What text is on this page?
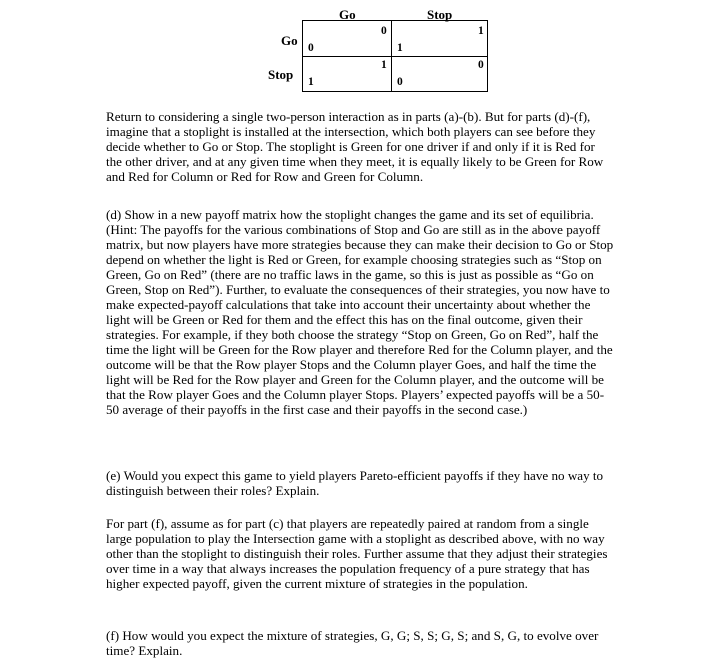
Go	Stop
Go
Stop
0
0
1
1
1
1
0
0

Return to considering a single two-person interaction as in parts (a)-(b). But for parts (d)-(f), imagine that a stoplight is installed at the intersection, which both players can see before they decide whether to Go or Stop. The stoplight is Green for one driver if and only if it is Red for the other driver, and at any given time when they meet, it is equally likely to be Green for Row and Red for Column or Red for Row and Green for Column.

(d) Show in a new payoff matrix how the stoplight changes the game and its set of equilibria. (Hint: The payoffs for the various combinations of Stop and Go are still as in the above payoff matrix, but now players have more strategies because they can make their decision to Go or Stop depend on whether the light is Red or Green, for example choosing strategies such as “Stop on Green, Go on Red” (there are no traffic laws in the game, so this is just as possible as “Go on Green, Stop on Red”). Further, to evaluate the consequences of their strategies, you now have to make expected-payoff calculations that take into account their uncertainty about whether the light will be Green or Red for them and the effect this has on the final outcome, given their strategies. For example, if they both choose the strategy “Stop on Green, Go on Red”, half the time the light will be Green for the Row player and therefore Red for the Column player, and the outcome will be that the Row player Stops and the Column player Goes, and half the time the light will be Red for the Row player and Green for the Column player, and the outcome will be that the Row player Goes and the Column player Stops. Players’ expected payoffs will be a 50-50 average of their payoffs in the first case and their payoffs in the second case.)

(e) Would you expect this game to yield players Pareto-efficient payoffs if they have no way to distinguish between their roles? Explain.

For part (f), assume as for part (c) that players are repeatedly paired at random from a single large population to play the Intersection game with a stoplight as described above, with no way other than the stoplight to distinguish their roles. Further assume that they adjust their strategies over time in a way that always increases the population frequency of a pure strategy that has higher expected payoff, given the current mixture of strategies in the population.

(f) How would you expect the mixture of strategies, G, G; S, S; G, S; and S, G, to evolve over time? Explain.
